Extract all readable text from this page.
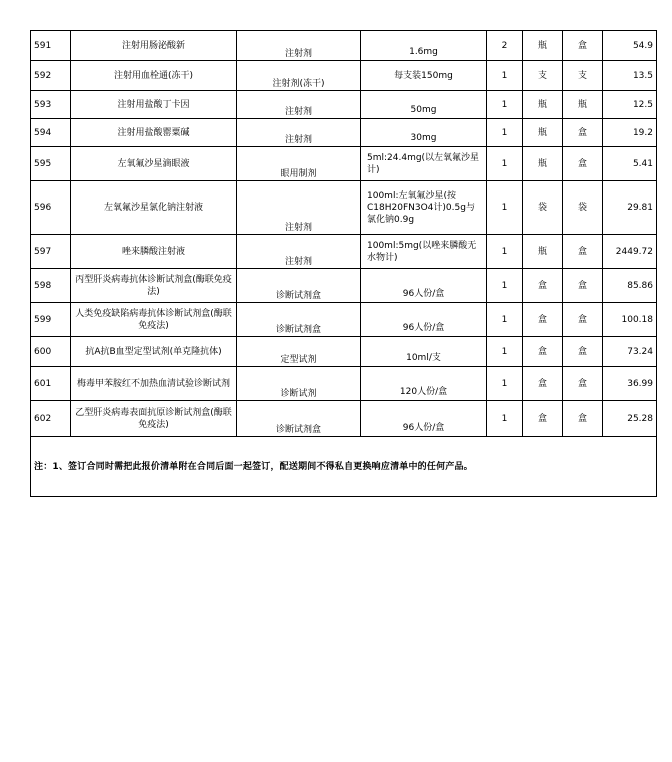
591	注射用肠泌酸新	注射剂	1.6mg	2	瓶	盒	54.9
592	注射用血栓通(冻干)	注射剂(冻干)	每支装150mg	1	支	支	13.5
593	注射用盐酸丁卡因	注射剂	50mg	1	瓶	瓶	12.5
594	注射用盐酸罂粟碱	注射剂	30mg	1	瓶	盒	19.2
595	左氧氟沙星滴眼液	眼用制剂	5ml:24.4mg(以左氧氟沙星计)	1	瓶	盒	5.41
596	左氧氟沙星氯化钠注射液	注射剂	100ml:左氧氟沙星(按C18H20FN3O4计)0.5g与氯化钠0.9g	1	袋	袋	29.81
597	唑来膦酸注射液	注射剂	100ml:5mg(以唑来膦酸无水物计)	1	瓶	盒	2449.72
598	丙型肝炎病毒抗体诊断试剂盒(酶联免疫法)	诊断试剂盒	96人份/盒	1	盒	盒	85.86
599	人类免疫缺陷病毒抗体诊断试剂盒(酶联免疫法)	诊断试剂盒	96人份/盒	1	盒	盒	100.18
600	抗A抗B血型定型试剂(单克隆抗体)	定型试剂	10ml/支	1	盒	盒	73.24
601	梅毒甲苯胺红不加热血清试验诊断试剂	诊断试剂	120人份/盒	1	盒	盒	36.99
602	乙型肝炎病毒表面抗原诊断试剂盒(酶联免疫法)	诊断试剂盒	96人份/盒	1	盒	盒	25.28
注：1、签订合同时需把此报价清单附在合同后面一起签订，配送期间不得私自更换响应清单中的任何产品。							
